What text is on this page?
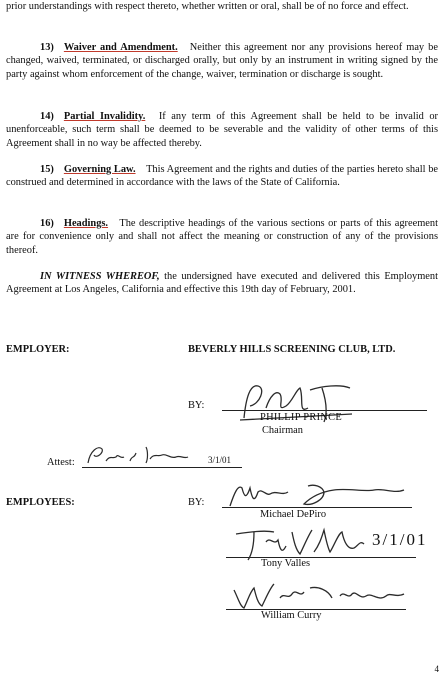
prior understandings with respect thereto, whether written or oral, shall be of no force and effect.

13) Waiver and Amendment. Neither this agreement nor any provisions hereof may be changed, waived, terminated, or discharged orally, but only by an instrument in writing signed by the party against whom enforcement of the change, waiver, termination or discharge is sought.

14) Partial Invalidity. If any term of this Agreement shall be held to be invalid or unenforceable, such term shall be deemed to be severable and the validity of other terms of this Agreement shall in no way be affected thereby.

15) Governing Law. This Agreement and the rights and duties of the parties hereto shall be construed and determined in accordance with the laws of the State of California.

16) Headings. The descriptive headings of the various sections or parts of this agreement are for convenience only and shall not affect the meaning or construction of any of the provisions thereof.

IN WITNESS WHEREOF, the undersigned have executed and delivered this Employment Agreement at Los Angeles, California and effective this 19th day of February, 2001.

EMPLOYER:	BEVERLY HILLS SCREENING CLUB, LTD.
BY:
PHILLIP PRINCE
Chairman
Attest:	3/1/01
EMPLOYEES:	BY:
Michael DePiro
3/1/01
Tony Valles
William Curry
4
